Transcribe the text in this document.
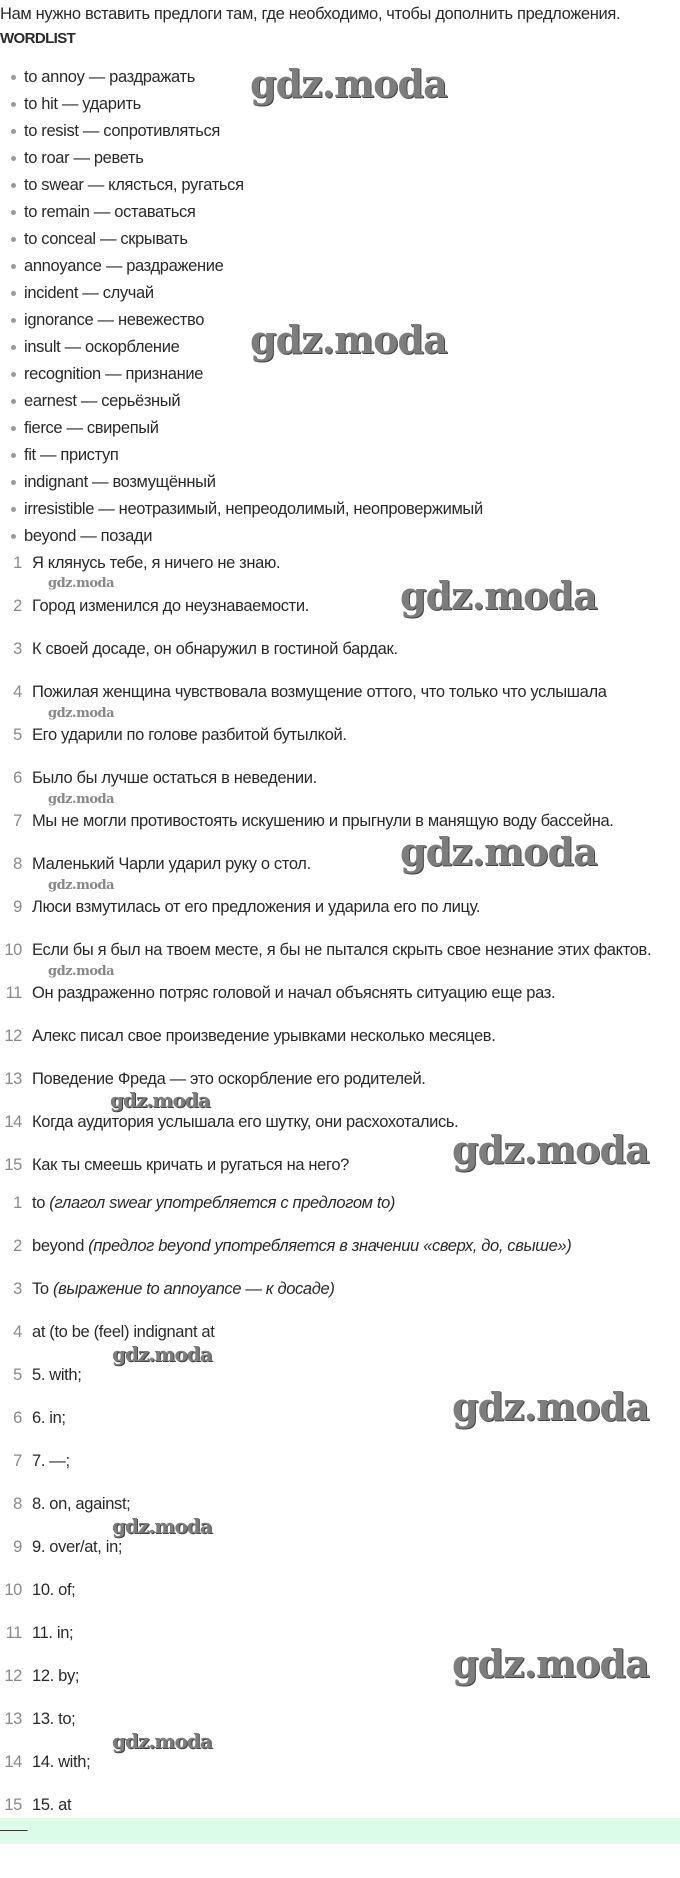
Нам нужно вставить предлоги там, где необходимо, чтобы дополнить предложения.
WORDLIST
to annoy — раздражать
to hit — ударить
to resist — сопротивляться
to roar — реветь
to swear — клясться, ругаться
to remain — оставаться
to conceal — скрывать
annoyance — раздражение
incident — случай
ignorance — невежество
insult — оскорбление
recognition — признание
earnest — серьёзный
fierce — свирепый
fit — приступ
indignant — возмущённый
irresistible — неотразимый, непреодолимый, неопровержимый
beyond — позади
1 Я клянусь тебе, я ничего не знаю.
2 Город изменился до неузнаваемости.
3 К своей досаде, он обнаружил в гостиной бардак.
4 Пожилая женщина чувствовала возмущение оттого, что только что услышала
5 Его ударили по голове разбитой бутылкой.
6 Было бы лучше остаться в неведении.
7 Мы не могли противостоять искушению и прыгнули в манящую воду бассейна.
8 Маленький Чарли ударил руку о стол.
9 Люси взмутилась от его предложения и ударила его по лицу.
10 Если бы я был на твоем месте, я бы не пытался скрыть свое незнание этих фактов.
11 Он раздраженно потряс головой и начал объяснять ситуацию еще раз.
12 Алекс писал свое произведение урывками несколько месяцев.
13 Поведение Фреда — это оскорбление его родителей.
14 Когда аудитория услышала его шутку, они расхохотались.
15 Как ты смеешь кричать и ругаться на него?
1 to (глагол swear употребляется с предлогом to)
2 beyond (предлог beyond употребляется в значении «сверх, до, свыше»)
3 To (выражение to annoyance — к досаде)
4 at (to be (feel) indignant at
5 5. with;
6 6. in;
7 7. —;
8 8. on, against;
9 9. over/at, in;
10 10. of;
11 11. in;
12 12. by;
13 13. to;
14 14. with;
15 15. at
——
gdz.moda
gdz.moda
gdz.moda
gdz.moda
gdz.moda
gdz.moda
gdz.moda
gdz.moda
gdz.moda
gdz.moda
gdz.moda
gdz.moda
gdz.moda
gdz.moda
gdz.moda
gdz.moda
